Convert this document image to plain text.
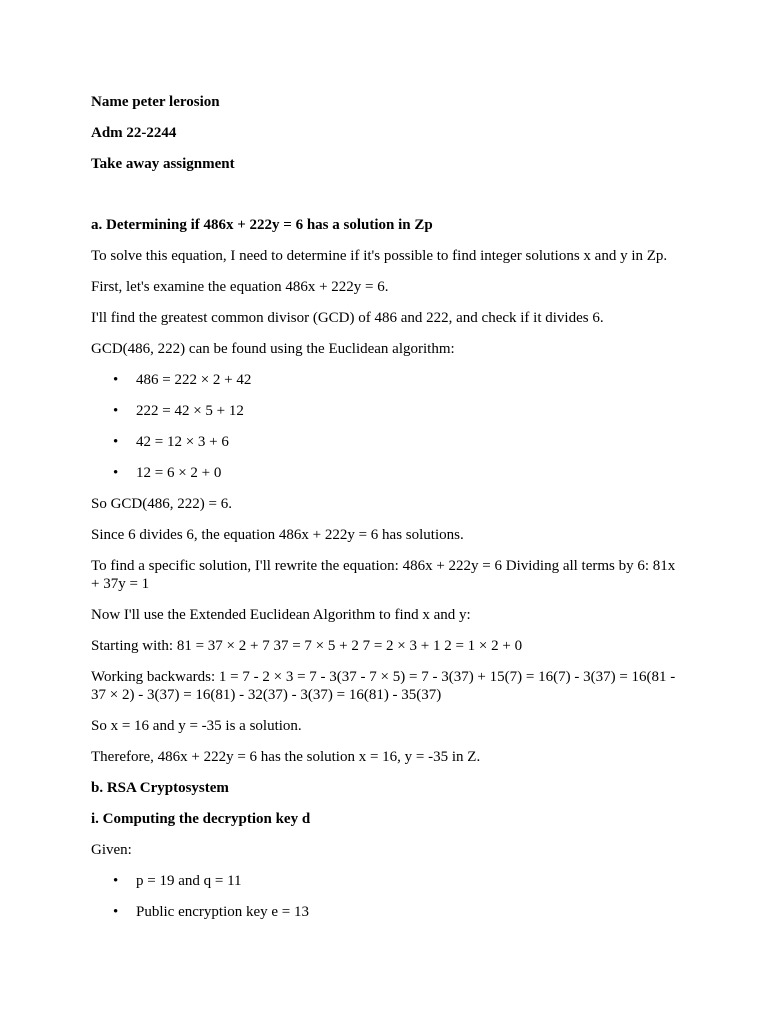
Name peter lerosion
Adm 22-2244
Take away assignment
a. Determining if 486x + 222y = 6 has a solution in Zp
To solve this equation, I need to determine if it's possible to find integer solutions x and y in Zp.
First, let's examine the equation 486x + 222y = 6.
I'll find the greatest common divisor (GCD) of 486 and 222, and check if it divides 6.
GCD(486, 222) can be found using the Euclidean algorithm:
• 486 = 222 × 2 + 42
• 222 = 42 × 5 + 12
• 42 = 12 × 3 + 6
• 12 = 6 × 2 + 0
So GCD(486, 222) = 6.
Since 6 divides 6, the equation 486x + 222y = 6 has solutions.
To find a specific solution, I'll rewrite the equation: 486x + 222y = 6 Dividing all terms by 6: 81x + 37y = 1
Now I'll use the Extended Euclidean Algorithm to find x and y:
Starting with: 81 = 37 × 2 + 7 37 = 7 × 5 + 2 7 = 2 × 3 + 1 2 = 1 × 2 + 0
Working backwards: 1 = 7 - 2 × 3 = 7 - 3(37 - 7 × 5) = 7 - 3(37) + 15(7) = 16(7) - 3(37) = 16(81 - 37 × 2) - 3(37) = 16(81) - 32(37) - 3(37) = 16(81) - 35(37)
So x = 16 and y = -35 is a solution.
Therefore, 486x + 222y = 6 has the solution x = 16, y = -35 in Z.
b. RSA Cryptosystem
i. Computing the decryption key d
Given:
• p = 19 and q = 11
• Public encryption key e = 13
